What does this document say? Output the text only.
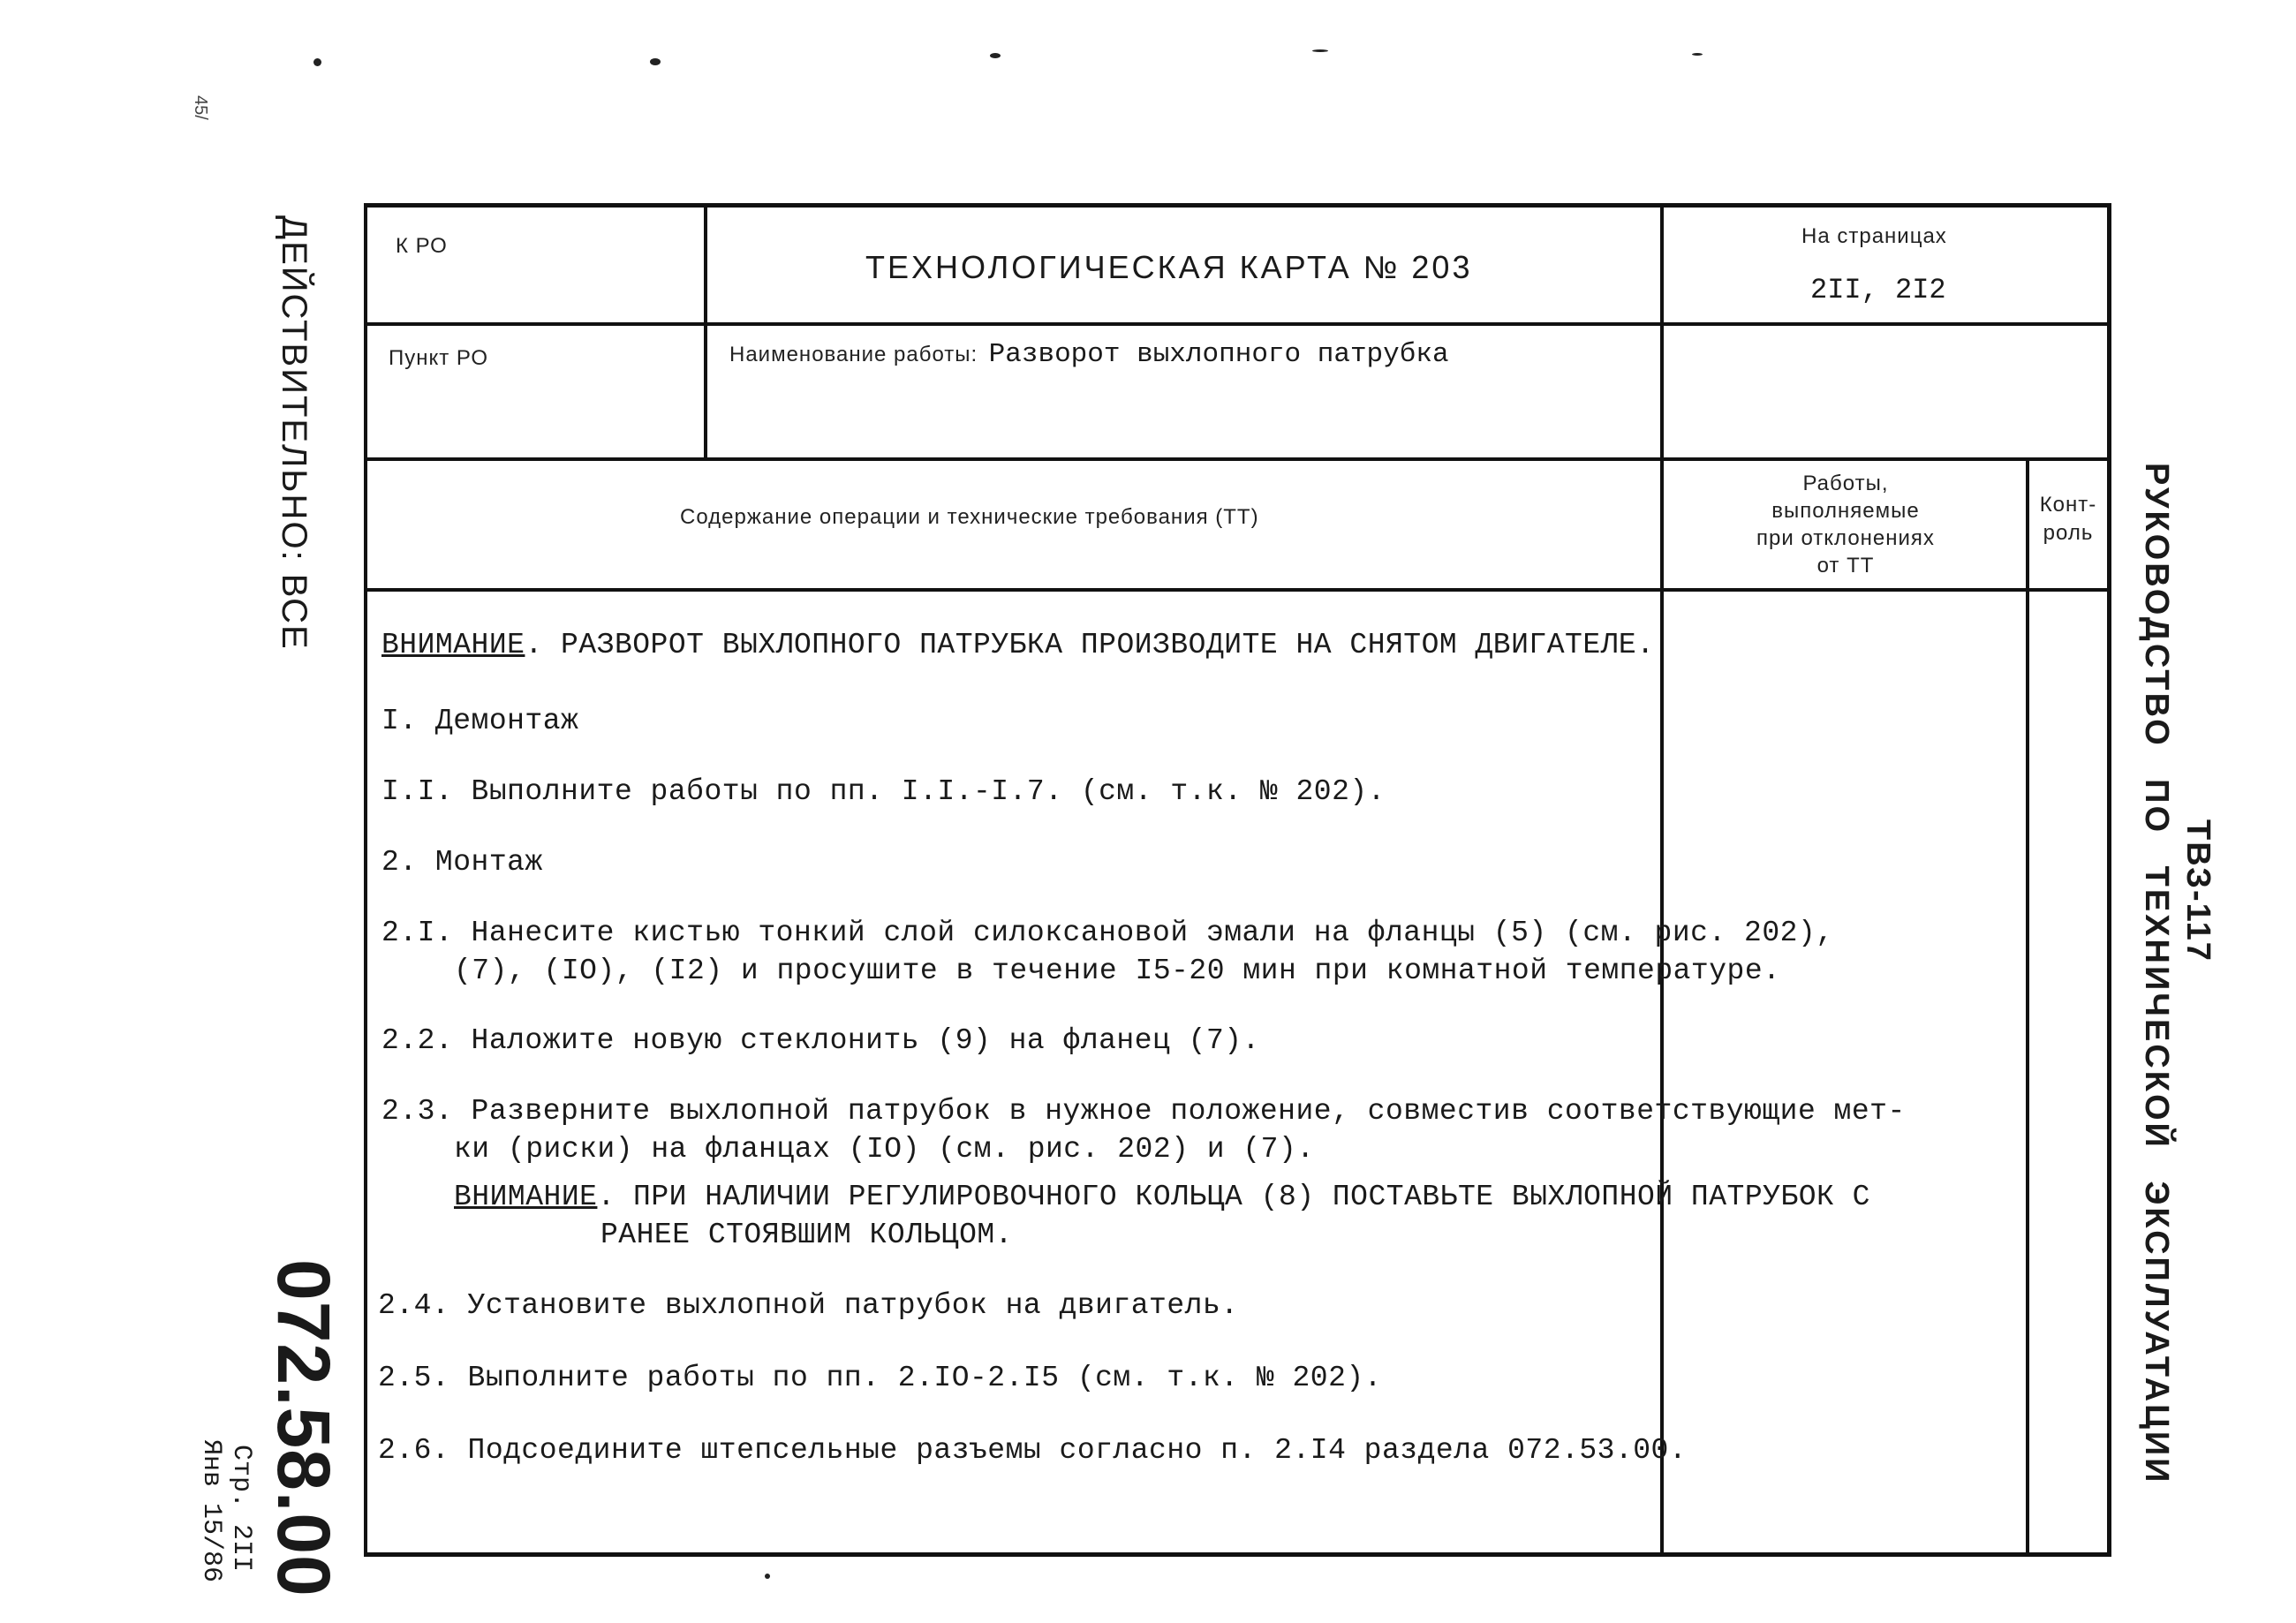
45/
ДЕЙСТВИТЕЛЬНО: ВСЕ
072.58.00
Стр. 2II
Янв 15/86
ТВЗ-117
РУКОВОДСТВО ПО ТЕХНИЧЕСКОЙ ЭКСПЛУАТАЦИИ
К РО
ТЕХНОЛОГИЧЕСКАЯ КАРТА № 203
На страницах
2II, 2I2
Пункт РО	Наименование работы: Разворот выхлопного патрубка
Содержание операции и технические требования (ТТ)
Работы,
выполняемые
при отклонениях
от ТТ
Конт-
роль
ВНИМАНИЕ. РАЗВОРОТ ВЫХЛОПНОГО ПАТРУБКА ПРОИЗВОДИТЕ НА СНЯТОМ ДВИГАТЕЛЕ.
I. Демонтаж
I.I. Выполните работы по пп. I.I.-I.7. (см. т.к. № 202).
2. Монтаж
2.I. Нанесите кистью тонкий слой силоксановой эмали на фланцы (5) (см. рис. 202),
(7), (IO), (I2) и просушите в течение I5-20 мин при комнатной температуре.
2.2. Наложите новую стеклонить (9) на фланец (7).
2.3. Разверните выхлопной патрубок в нужное положение, совместив соответствующие мет-
ки (риски) на фланцах (IO) (см. рис. 202) и (7).
ВНИМАНИЕ. ПРИ НАЛИЧИИ РЕГУЛИРОВОЧНОГО КОЛЬЦА (8) ПОСТАВЬТЕ ВЫХЛОПНОЙ ПАТРУБОК С
РАНЕЕ СТОЯВШИМ КОЛЬЦОМ.
2.4. Установите выхлопной патрубок на двигатель.
2.5. Выполните работы по пп. 2.IO-2.I5 (см. т.к. № 202).
2.6. Подсоедините штепсельные разъемы согласно п. 2.I4 раздела 072.53.00.
